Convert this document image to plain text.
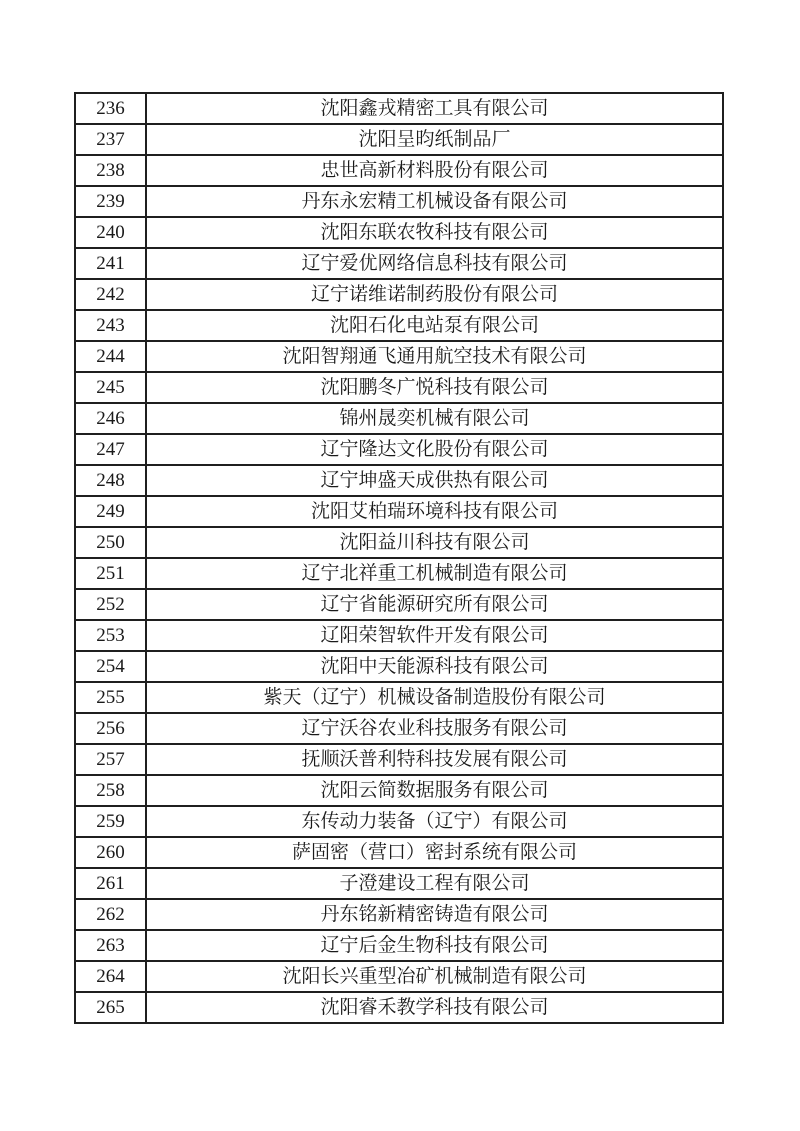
236	沈阳鑫戎精密工具有限公司
237	沈阳呈昀纸制品厂
238	忠世高新材料股份有限公司
239	丹东永宏精工机械设备有限公司
240	沈阳东联农牧科技有限公司
241	辽宁爱优网络信息科技有限公司
242	辽宁诺维诺制药股份有限公司
243	沈阳石化电站泵有限公司
244	沈阳智翔通飞通用航空技术有限公司
245	沈阳鹏冬广悦科技有限公司
246	锦州晟奕机械有限公司
247	辽宁隆达文化股份有限公司
248	辽宁坤盛天成供热有限公司
249	沈阳艾柏瑞环境科技有限公司
250	沈阳益川科技有限公司
251	辽宁北祥重工机械制造有限公司
252	辽宁省能源研究所有限公司
253	辽阳荣智软件开发有限公司
254	沈阳中天能源科技有限公司
255	紫天（辽宁）机械设备制造股份有限公司
256	辽宁沃谷农业科技服务有限公司
257	抚顺沃普利特科技发展有限公司
258	沈阳云简数据服务有限公司
259	东传动力装备（辽宁）有限公司
260	萨固密（营口）密封系统有限公司
261	子澄建设工程有限公司
262	丹东铭新精密铸造有限公司
263	辽宁后金生物科技有限公司
264	沈阳长兴重型冶矿机械制造有限公司
265	沈阳睿禾教学科技有限公司
